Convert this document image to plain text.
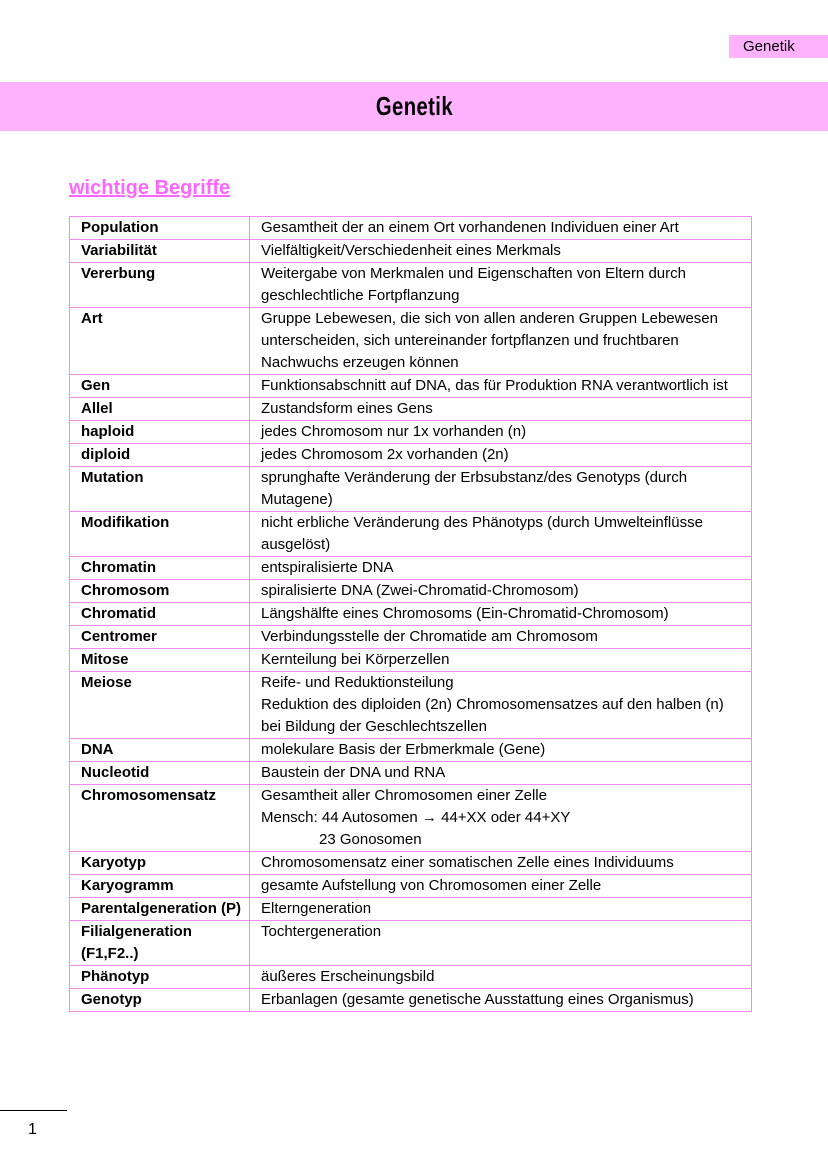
Genetik
Genetik
wichtige Begriffe
Population	Gesamtheit der an einem Ort vorhandenen Individuen einer Art

Variabilität	Vielfältigkeit/Verschiedenheit eines Merkmals

Vererbung	Weitergabe von Merkmalen und Eigenschaften von Eltern durch geschlechtliche Fortpflanzung

Art	Gruppe Lebewesen, die sich von allen anderen Gruppen Lebewesen unterscheiden, sich untereinander fortpflanzen und fruchtbaren Nachwuchs erzeugen können

Gen	Funktionsabschnitt auf DNA, das für Produktion RNA verantwortlich ist

Allel	Zustandsform eines Gens

haploid	jedes Chromosom nur 1x vorhanden (n)

diploid	jedes Chromosom 2x vorhanden (2n)

Mutation	sprunghafte Veränderung der Erbsubstanz/des Genotyps (durch Mutagene)

Modifikation	nicht erbliche Veränderung des Phänotyps (durch Umwelteinflüsse ausgelöst)

Chromatin	entspiralisierte DNA

Chromosom	spiralisierte DNA (Zwei-Chromatid-Chromosom)

Chromatid	Längshälfte eines Chromosoms (Ein-Chromatid-Chromosom)

Centromer	Verbindungsstelle der Chromatide am Chromosom

Mitose	Kernteilung bei Körperzellen

Meiose	Reife- und Reduktionsteilung
Reduktion des diploiden (2n) Chromosomensatzes auf den halben (n) bei Bildung der Geschlechtszellen

DNA	molekulare Basis der Erbmerkmale (Gene)

Nucleotid	Baustein der DNA und RNA

Chromosomensatz	Gesamtheit aller Chromosomen einer Zelle
Mensch: 44 Autosomen → 44+XX oder 44+XY
23 Gonosomen

Karyotyp	Chromosomensatz einer somatischen Zelle eines Individuums

Karyogramm	gesamte Aufstellung von Chromosomen einer Zelle

Parentalgeneration (P)	Elterngeneration

Filialgeneration (F1,F2..)	Tochtergeneration

Phänotyp	äußeres Erscheinungsbild

Genotyp	Erbanlagen (gesamte genetische Ausstattung eines Organismus)
1
